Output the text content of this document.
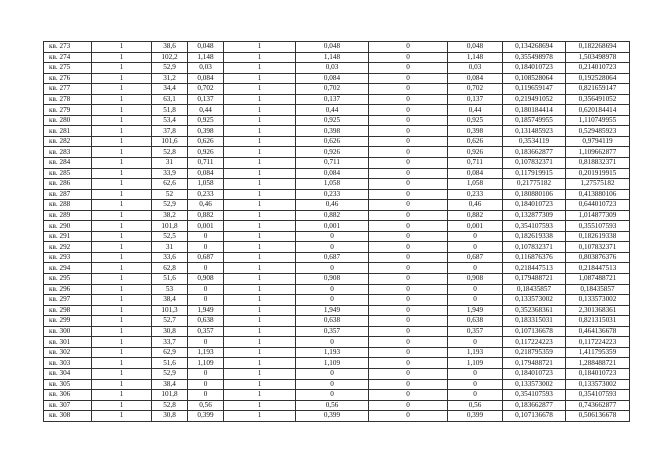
кв. 273	1	38,6	0,048	1	0,048	0	0,048	0,134268694	0,182268694
кв. 274	1	102,2	1,148	1	1,148	0	1,148	0,355498978	1,503498978
кв. 275	1	52,9	0,03	1	0,03	0	0,03	0,184010723	0,214010723
кв. 276	1	31,2	0,084	1	0,084	0	0,084	0,108528064	0,192528064
кв. 277	1	34,4	0,702	1	0,702	0	0,702	0,119659147	0,821659147
кв. 278	1	63,1	0,137	1	0,137	0	0,137	0,219491052	0,356491052
кв. 279	1	51,8	0,44	1	0,44	0	0,44	0,180184414	0,620184414
кв. 280	1	53,4	0,925	1	0,925	0	0,925	0,185749955	1,110749955
кв. 281	1	37,8	0,398	1	0,398	0	0,398	0,131485923	0,529485923
кв. 282	1	101,6	0,626	1	0,626	0	0,626	0,3534119	0,9794119
кв. 283	1	52,8	0,926	1	0,926	0	0,926	0,183662877	1,109662877
кв. 284	1	31	0,711	1	0,711	0	0,711	0,107832371	0,818832371
кв. 285	1	33,9	0,084	1	0,084	0	0,084	0,117919915	0,201919915
кв. 286	1	62,6	1,058	1	1,058	0	1,058	0,21775182	1,27575182
кв. 287	1	52	0,233	1	0,233	0	0,233	0,180880106	0,413880106
кв. 288	1	52,9	0,46	1	0,46	0	0,46	0,184010723	0,644010723
кв. 289	1	38,2	0,882	1	0,882	0	0,882	0,132877309	1,014877309
кв. 290	1	101,8	0,001	1	0,001	0	0,001	0,354107593	0,355107593
кв. 291	1	52,5	0	1	0	0	0	0,182619338	0,182619338
кв. 292	1	31	0	1	0	0	0	0,107832371	0,107832371
кв. 293	1	33,6	0,687	1	0,687	0	0,687	0,116876376	0,803876376
кв. 294	1	62,8	0	1	0	0	0	0,218447513	0,218447513
кв. 295	1	51,6	0,908	1	0,908	0	0,908	0,179488721	1,087488721
кв. 296	1	53	0	1	0	0	0	0,18435857	0,18435857
кв. 297	1	38,4	0	1	0	0	0	0,133573002	0,133573002
кв. 298	1	101,3	1,949	1	1,949	0	1,949	0,352368361	2,301368361
кв. 299	1	52,7	0,638	1	0,638	0	0,638	0,183315031	0,821315031
кв. 300	1	30,8	0,357	1	0,357	0	0,357	0,107136678	0,464136678
кв. 301	1	33,7	0	1	0	0	0	0,117224223	0,117224223
кв. 302	1	62,9	1,193	1	1,193	0	1,193	0,218795359	1,411795359
кв. 303	1	51,6	1,109	1	1,109	0	1,109	0,179488721	1,288488721
кв. 304	1	52,9	0	1	0	0	0	0,184010723	0,184010723
кв. 305	1	38,4	0	1	0	0	0	0,133573002	0,133573002
кв. 306	1	101,8	0	1	0	0	0	0,354107593	0,354107593
кв. 307	1	52,8	0,56	1	0,56	0	0,56	0,183662877	0,743662877
кв. 308	1	30,8	0,399	1	0,399	0	0,399	0,107136678	0,506136678
